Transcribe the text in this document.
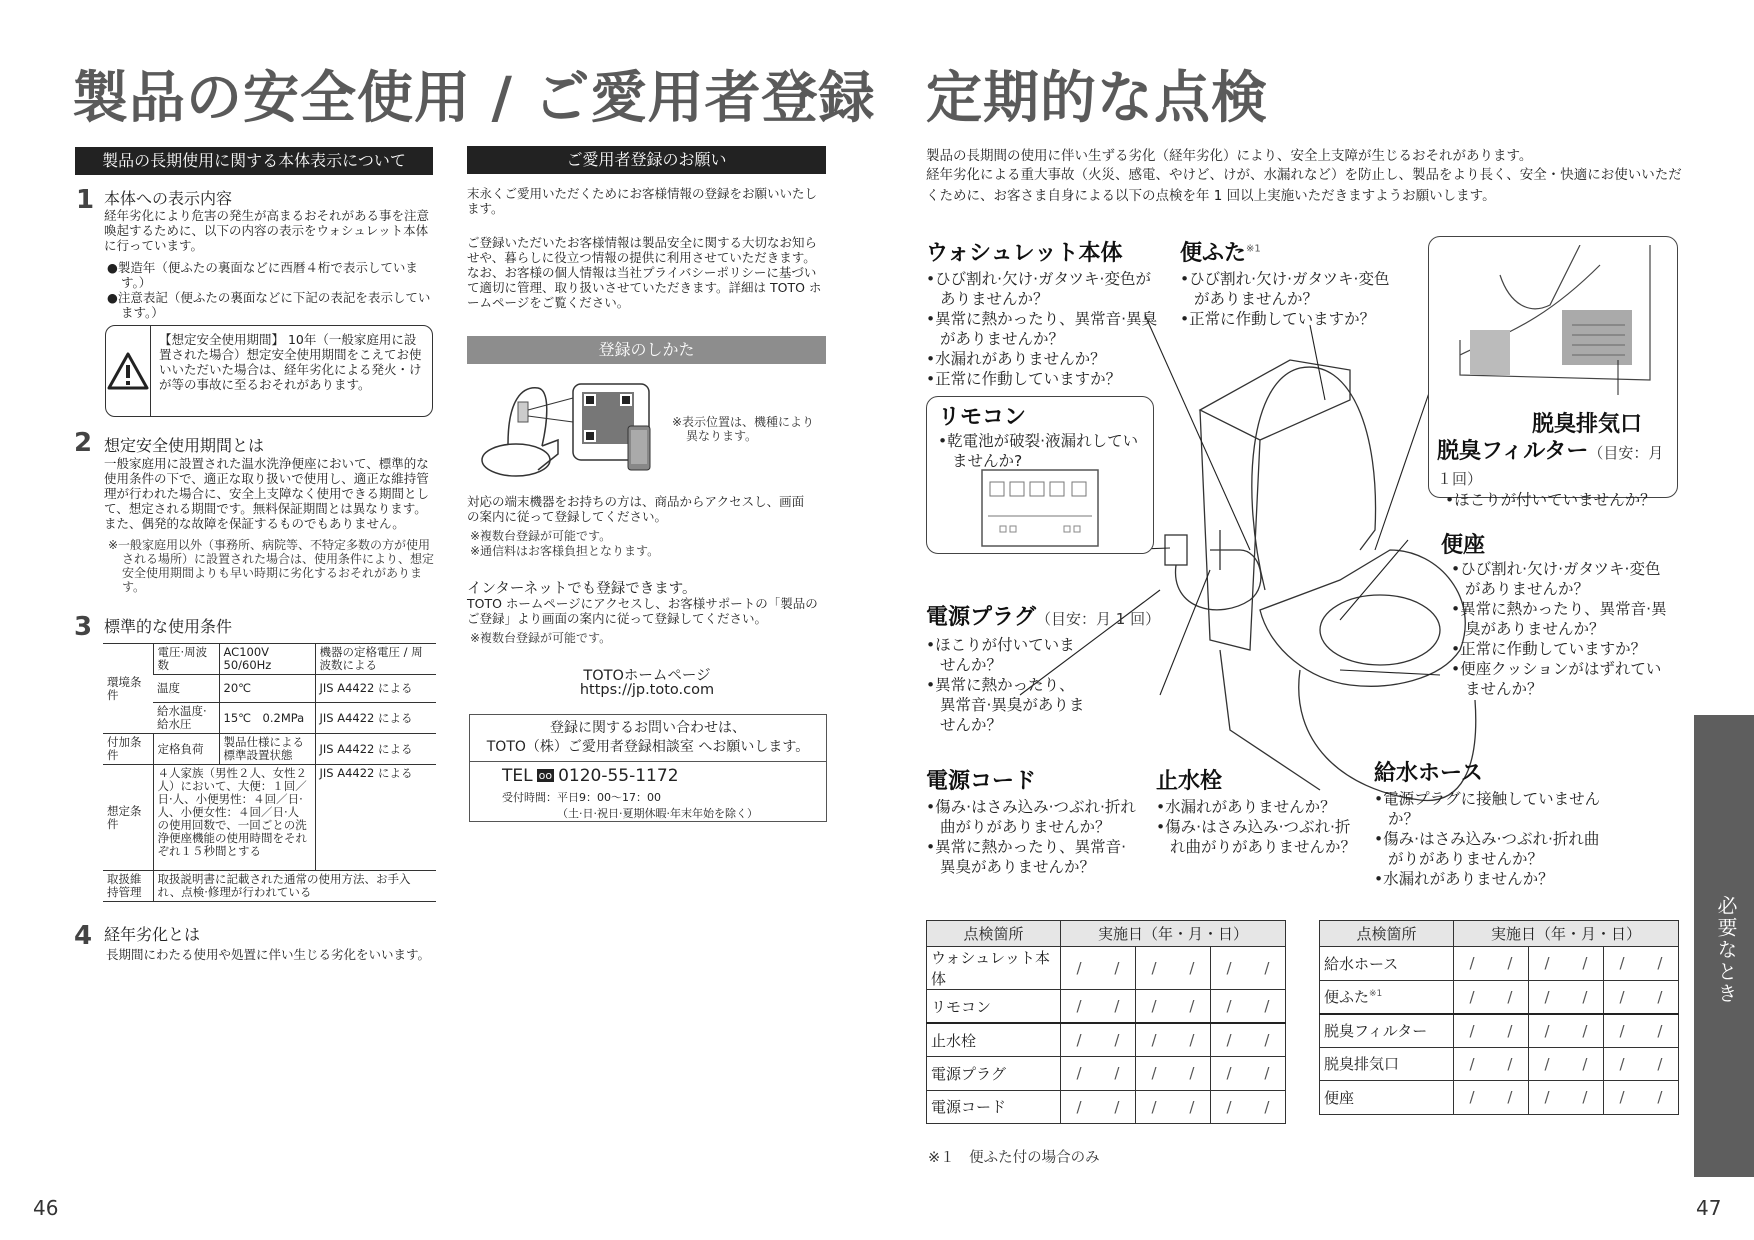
製品の安全使用 / ご愛用者登録
製品の長期使用に関する本体表示について
1 本体への表示内容
経年劣化により危害の発生が高まるおそれがある事を注意喚起するために、以下の内容の表示をウォシュレット本体に行っています。
●製造年（便ふたの裏面などに西暦４桁で表示しています。）
●注意表記（便ふたの裏面などに下記の表記を表示しています。）
【想定安全使用期間】 10年（一般家庭用に設置された場合）想定安全使用期間をこえてお使いいただいた場合は、経年劣化による発火・けが等の事故に至るおそれがあります。
2 想定安全使用期間とは
一般家庭用に設置された温水洗浄便座において、標準的な使用条件の下で、適正な取り扱いで使用し、適正な維持管理が行われた場合に、安全上支障なく使用できる期間として、想定される期間です。無料保証期間とは異なります。また、偶発的な故障を保証するものでもありません。
※一般家庭用以外（事務所、病院等、不特定多数の方が使用される場所）に設置された場合は、使用条件により、想定安全使用期間よりも早い時期に劣化するおそれがあります。
3 標準的な使用条件
環境条件	電圧·周波数	AC100V 50/60Hz	機器の定格電圧 / 周波数による
	温度	20℃	JIS A4422 による
	給水温度·給水圧	15℃　0.2MPa	JIS A4422 による
付加条件	定格負荷	製品仕様による標準設置状態	JIS A4422 による
想定条件	４人家族（男性２人、女性２人）において、大便：１回／日·人、小便男性：４回／日·人、小便女性：４回／日·人の使用回数で、一回ごとの洗浄便座機能の使用時間をそれぞれ１５秒間とする		JIS A4422 による
取扱維持管理	取扱説明書に記載された通常の使用方法、お手入れ、点検·修理が行われている		
4 経年劣化とは
長期間にわたる使用や処置に伴い生じる劣化をいいます。
ご愛用者登録のお願い
末永くご愛用いただくためにお客様情報の登録をお願いいたします。
ご登録いただいたお客様情報は製品安全に関する大切なお知らせや、暮らしに役立つ情報の提供に利用させていただきます。なお、お客様の個人情報は当社プライバシーポリシーに基づいて適切に管理、取り扱いさせていただきます。詳細は TOTO ホームページをご覧ください。
登録のしかた
※表示位置は、機種により異なります。
対応の端末機器をお持ちの方は、商品からアクセスし、画面の案内に従って登録してください。
※複数台登録が可能です。
※通信料はお客様負担となります。
インターネットでも登録できます。
TOTO ホームページにアクセスし、お客様サポートの「製品のご登録」より画面の案内に従って登録してください。
※複数台登録が可能です。
TOTOホームページ
https://jp.toto.com
登録に関するお問い合わせは、
TOTO（株）ご愛用者登録相談室 へお願いします。
TEL oo 0120-55-1172
受付時間：平日9：00～17：00
（土·日·祝日·夏期休暇·年末年始を除く）
46
定期的な点検
製品の長期間の使用に伴い生ずる劣化（経年劣化）により、安全上支障が生じるおそれがあります。
経年劣化による重大事故（火災、感電、やけど、けが、水漏れなど）を防止し、製品をより長く、安全・快適にお使いいただくために、お客さま自身による以下の点検を年 1 回以上実施いただきますようお願いします。
ウォシュレット本体
•ひび割れ·欠け·ガタツキ·変色がありませんか？
•異常に熱かったり、異常音·異臭がありませんか？
•水漏れがありませんか？
•正常に作動していますか？
便ふた$^{※1}$
•ひび割れ·欠け·ガタツキ·変色がありませんか？
•正常に作動していますか？
リモコン
•乾電池が破裂·液漏れしていませんか?
脱臭排気口
脱臭フィルター（目安：月１回）
•ほこりが付いていませんか？
便座
•ひび割れ·欠け·ガタツキ·変色がありませんか？
•異常に熱かったり、異常音·異臭がありませんか？
•正常に作動していますか？
•便座クッションがはずれていませんか？
電源プラグ（目安：月 1 回）
•ほこりが付いていませんか？
•異常に熱かったり、異常音·異臭がありませんか？
電源コード
•傷み·はさみ込み·つぶれ·折れ曲がりがありませんか？
•異常に熱かったり、異常音·異臭がありませんか？
止水栓
•水漏れがありませんか？
•傷み·はさみ込み·つぶれ·折れ曲がりがありませんか？
給水ホース
•電源プラグに接触していませんか？
•傷み·はさみ込み·つぶれ·折れ曲がりがありませんか？
•水漏れがありませんか？
点検箇所	実施日（年・月・日）		
ウォシュレット本体	/ /	/ /	/ /
リモコン	/ /	/ /	/ /
止水栓	/ /	/ /	/ /
電源プラグ	/ /	/ /	/ /
電源コード	/ /	/ /	/ /
点検箇所	実施日（年・月・日）		
給水ホース	/ /	/ /	/ /
便ふた$^{※1}$	/ /	/ /	/ /
脱臭フィルター	/ /	/ /	/ /
脱臭排気口	/ /	/ /	/ /
便座	/ /	/ /	/ /
※１　便ふた付の場合のみ
必要なとき
47
